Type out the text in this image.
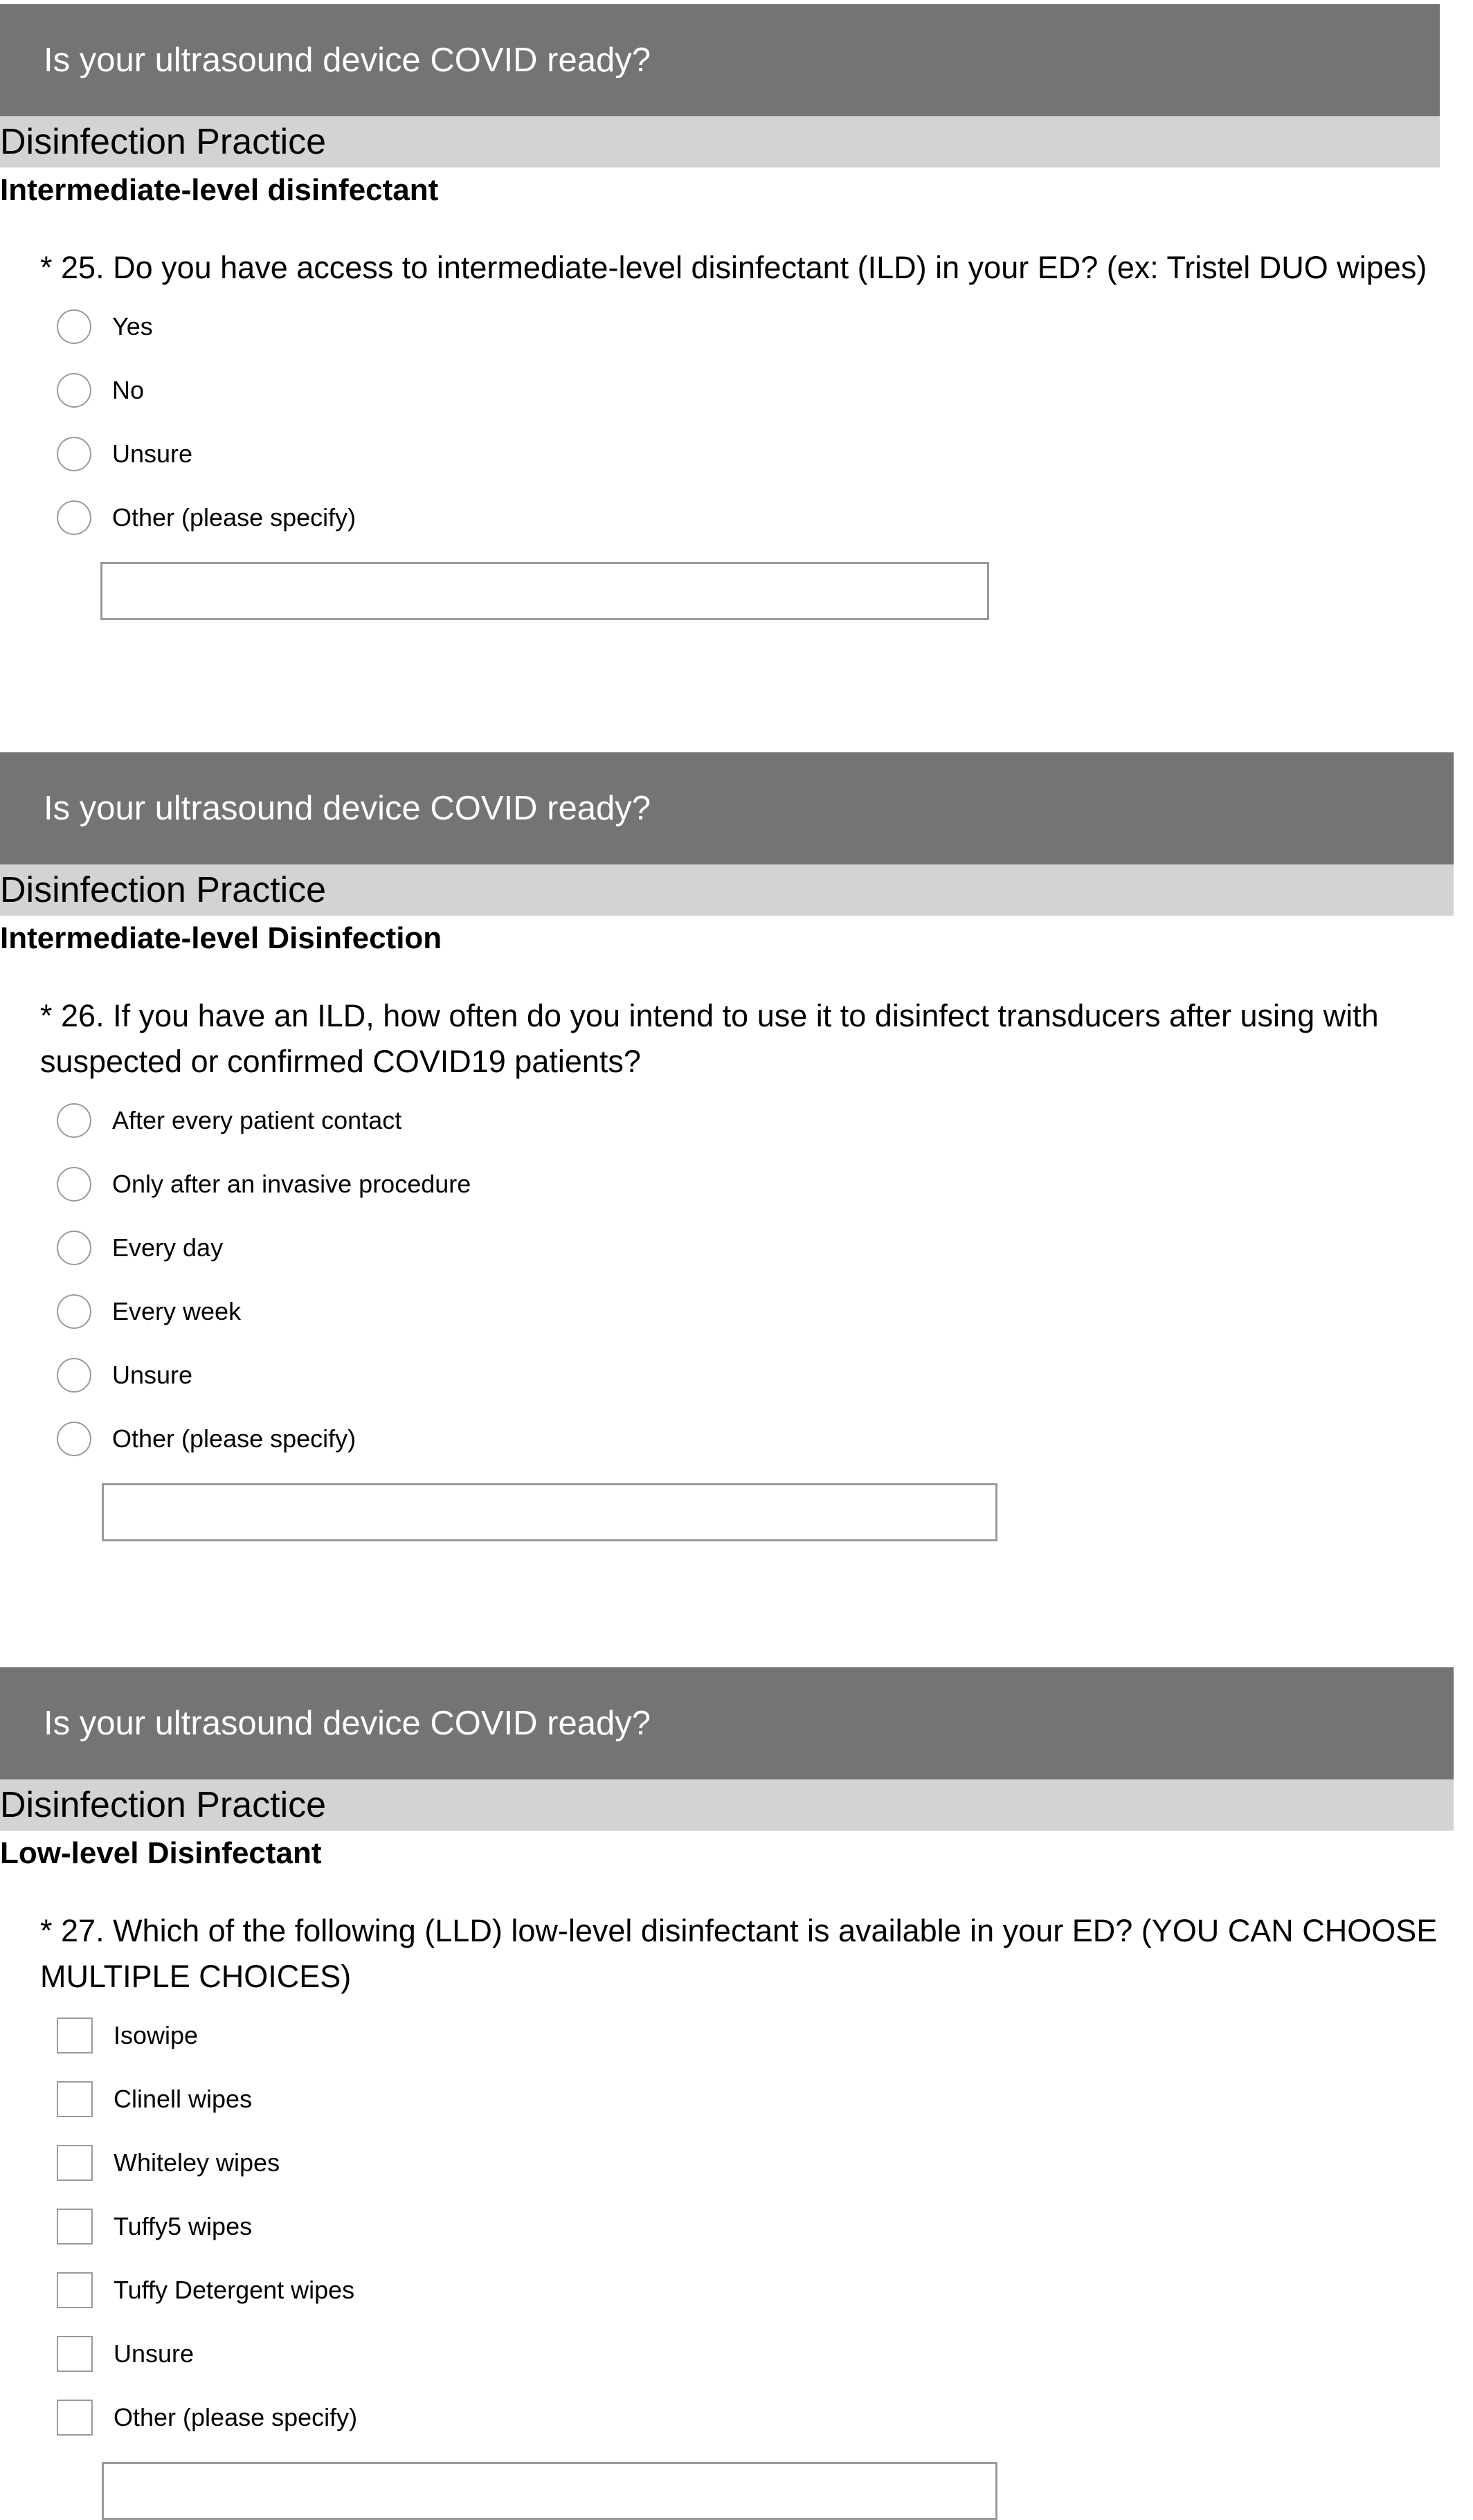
Is your ultrasound device COVID ready?
Disinfection Practice
Intermediate-level disinfectant
* 25. Do you have access to intermediate-level disinfectant (ILD) in your ED? (ex: Tristel DUO wipes)
Yes
No
Unsure
Other (please specify)
Is your ultrasound device COVID ready?
Disinfection Practice
Intermediate-level Disinfection
* 26. If you have an ILD, how often do you intend to use it to disinfect transducers after using with suspected or confirmed COVID19 patients?
After every patient contact
Only after an invasive procedure
Every day
Every week
Unsure
Other (please specify)
Is your ultrasound device COVID ready?
Disinfection Practice
Low-level Disinfectant
* 27. Which of the following (LLD) low-level disinfectant is available in your ED? (YOU CAN CHOOSE MULTIPLE CHOICES)
Isowipe
Clinell wipes
Whiteley wipes
Tuffy5 wipes
Tuffy Detergent wipes
Unsure
Other (please specify)
